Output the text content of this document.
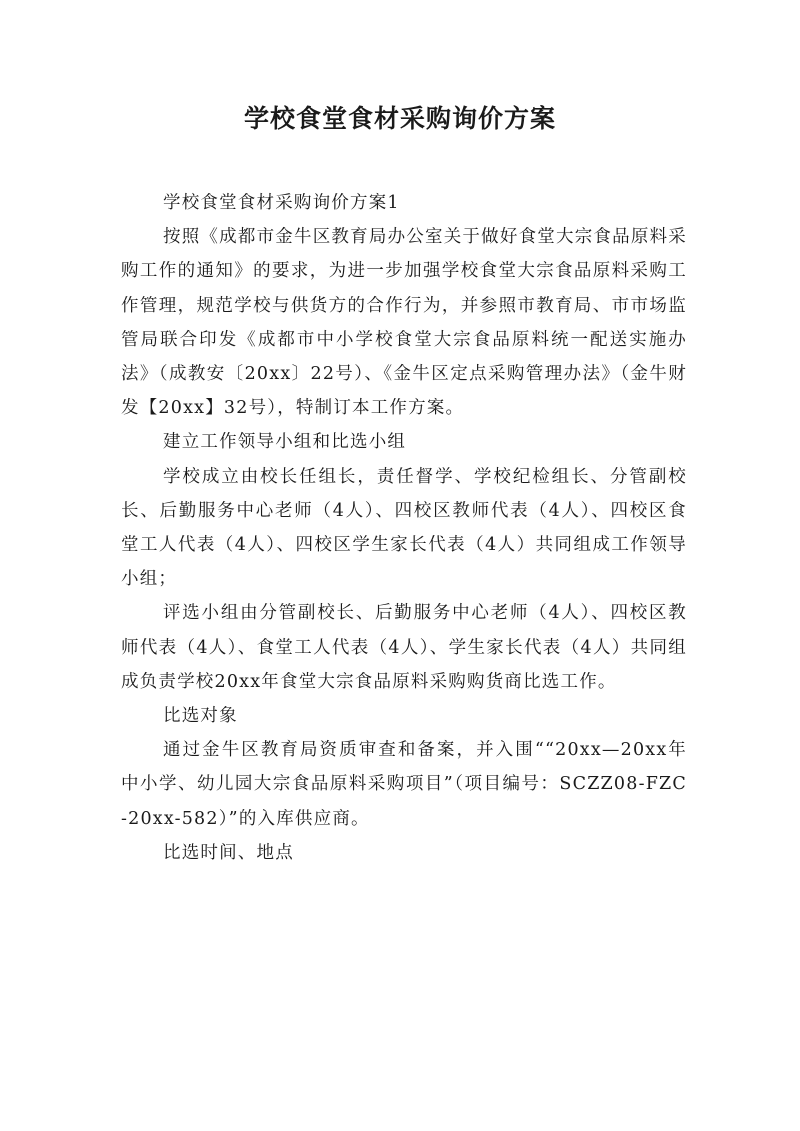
学校食堂食材采购询价方案

学校食堂食材采购询价方案1

按照《成都市金牛区教育局办公室关于做好食堂大宗食品原料采购工作的通知》的要求，为进一步加强学校食堂大宗食品原料采购工作管理，规范学校与供货方的合作行为，并参照市教育局、市市场监管局联合印发《成都市中小学校食堂大宗食品原料统一配送实施办法》（成教安〔20xx〕22号）、《金牛区定点采购管理办法》（金牛财发【20xx】32号），特制订本工作方案。

建立工作领导小组和比选小组

学校成立由校长任组长，责任督学、学校纪检组长、分管副校长、后勤服务中心老师（4人）、四校区教师代表（4人）、四校区食堂工人代表（4人）、四校区学生家长代表（4人）共同组成工作领导小组；

评选小组由分管副校长、后勤服务中心老师（4人）、四校区教师代表（4人）、食堂工人代表（4人）、学生家长代表（4人）共同组成负责学校20xx年食堂大宗食品原料采购购货商比选工作。

比选对象

通过金牛区教育局资质审查和备案，并入围““20xx—20xx年中小学、幼儿园大宗食品原料采购项目”（项目编号：SCZZ08-FZC-20xx-582）”的入库供应商。

比选时间、地点
